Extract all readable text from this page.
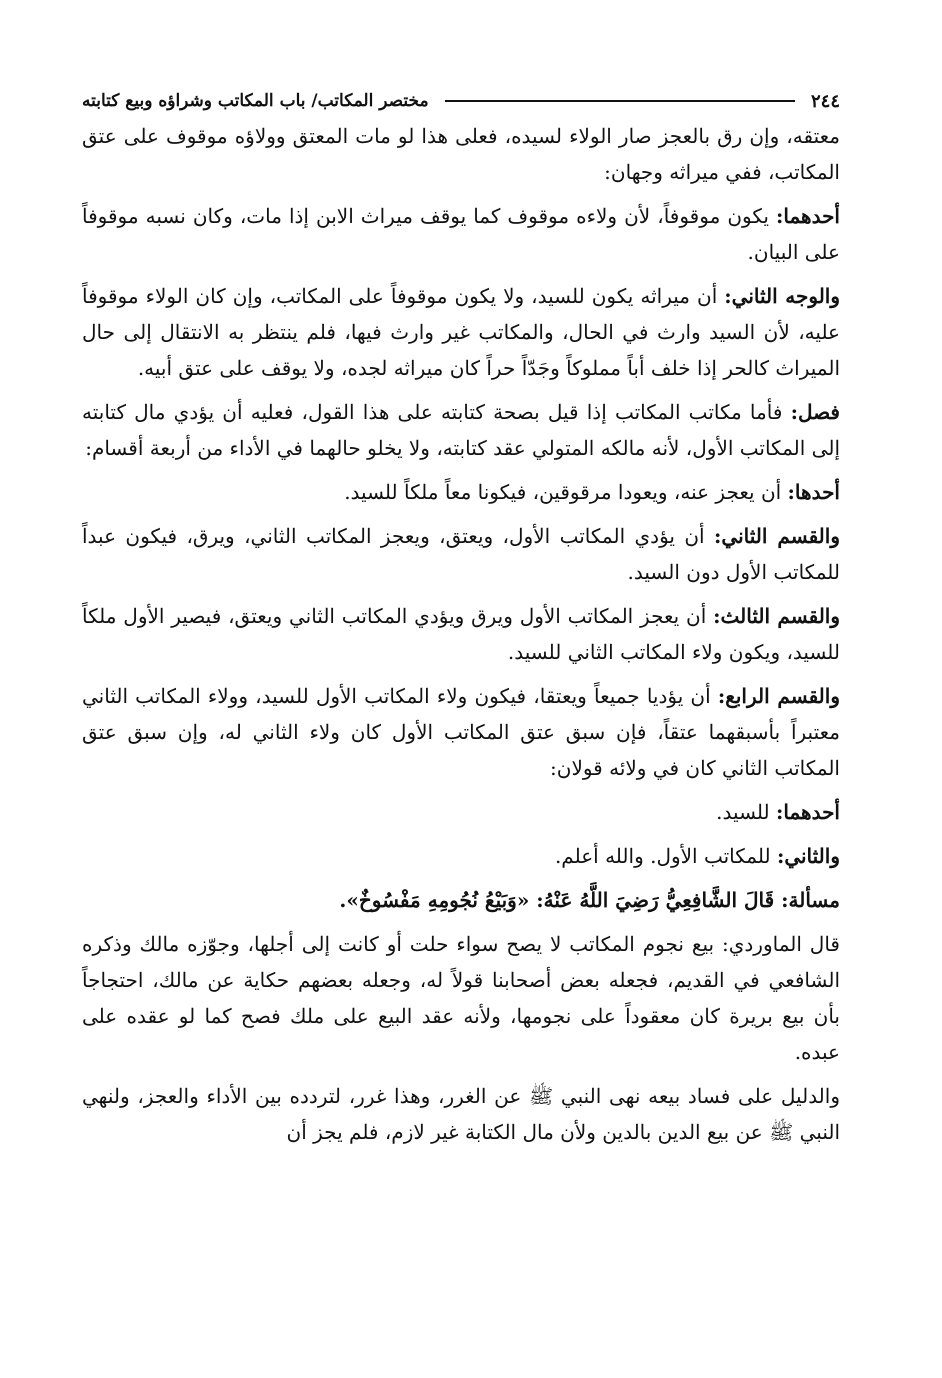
٢٤٤
مختصر المكاتب/ باب المكاتب وشراؤه وبيع كتابته

معتقه، وإن رق بالعجز صار الولاء لسيده، فعلى هذا لو مات المعتق وولاؤه موقوف على عتق المكاتب، ففي ميراثه وجهان:

أحدهما: يكون موقوفاً، لأن ولاءه موقوف كما يوقف ميراث الابن إذا مات، وكان نسبه موقوفاً على البيان.

والوجه الثاني: أن ميراثه يكون للسيد، ولا يكون موقوفاً على المكاتب، وإن كان الولاء موقوفاً عليه، لأن السيد وارث في الحال، والمكاتب غير وارث فيها، فلم ينتظر به الانتقال إلى حال الميراث كالحر إذا خلف أباً مملوكاً وجَدّاً حراً كان ميراثه لجده، ولا يوقف على عتق أبيه.

فصل: فأما مكاتب المكاتب إذا قيل بصحة كتابته على هذا القول، فعليه أن يؤدي مال كتابته إلى المكاتب الأول، لأنه مالكه المتولي عقد كتابته، ولا يخلو حالهما في الأداء من أربعة أقسام:

أحدها: أن يعجز عنه، ويعودا مرقوقين، فيكونا معاً ملكاً للسيد.

والقسم الثاني: أن يؤدي المكاتب الأول، ويعتق، ويعجز المكاتب الثاني، ويرق، فيكون عبداً للمكاتب الأول دون السيد.

والقسم الثالث: أن يعجز المكاتب الأول ويرق ويؤدي المكاتب الثاني ويعتق، فيصير الأول ملكاً للسيد، ويكون ولاء المكاتب الثاني للسيد.

والقسم الرابع: أن يؤديا جميعاً ويعتقا، فيكون ولاء المكاتب الأول للسيد، وولاء المكاتب الثاني معتبراً بأسبقهما عتقاً، فإن سبق عتق المكاتب الأول كان ولاء الثاني له، وإن سبق عتق المكاتب الثاني كان في ولائه قولان:

أحدهما: للسيد.

والثاني: للمكاتب الأول. والله أعلم.

مسألة: قَالَ الشَّافِعِيُّ رَضِيَ اللَّهُ عَنْهُ: «وَبَيْعُ نُجُومِهِ مَفْسُوخٌ».

قال الماوردي: بيع نجوم المكاتب لا يصح سواء حلت أو كانت إلى أجلها، وجوّزه مالك وذكره الشافعي في القديم، فجعله بعض أصحابنا قولاً له، وجعله بعضهم حكاية عن مالك، احتجاجاً بأن بيع بريرة كان معقوداً على نجومها، ولأنه عقد البيع على ملك فصح كما لو عقده على عبده.

والدليل على فساد بيعه نهى النبي ﷺ عن الغرر، وهذا غرر، لتردده بين الأداء والعجز، ولنهي النبي ﷺ عن بيع الدين بالدين ولأن مال الكتابة غير لازم، فلم يجز أن
